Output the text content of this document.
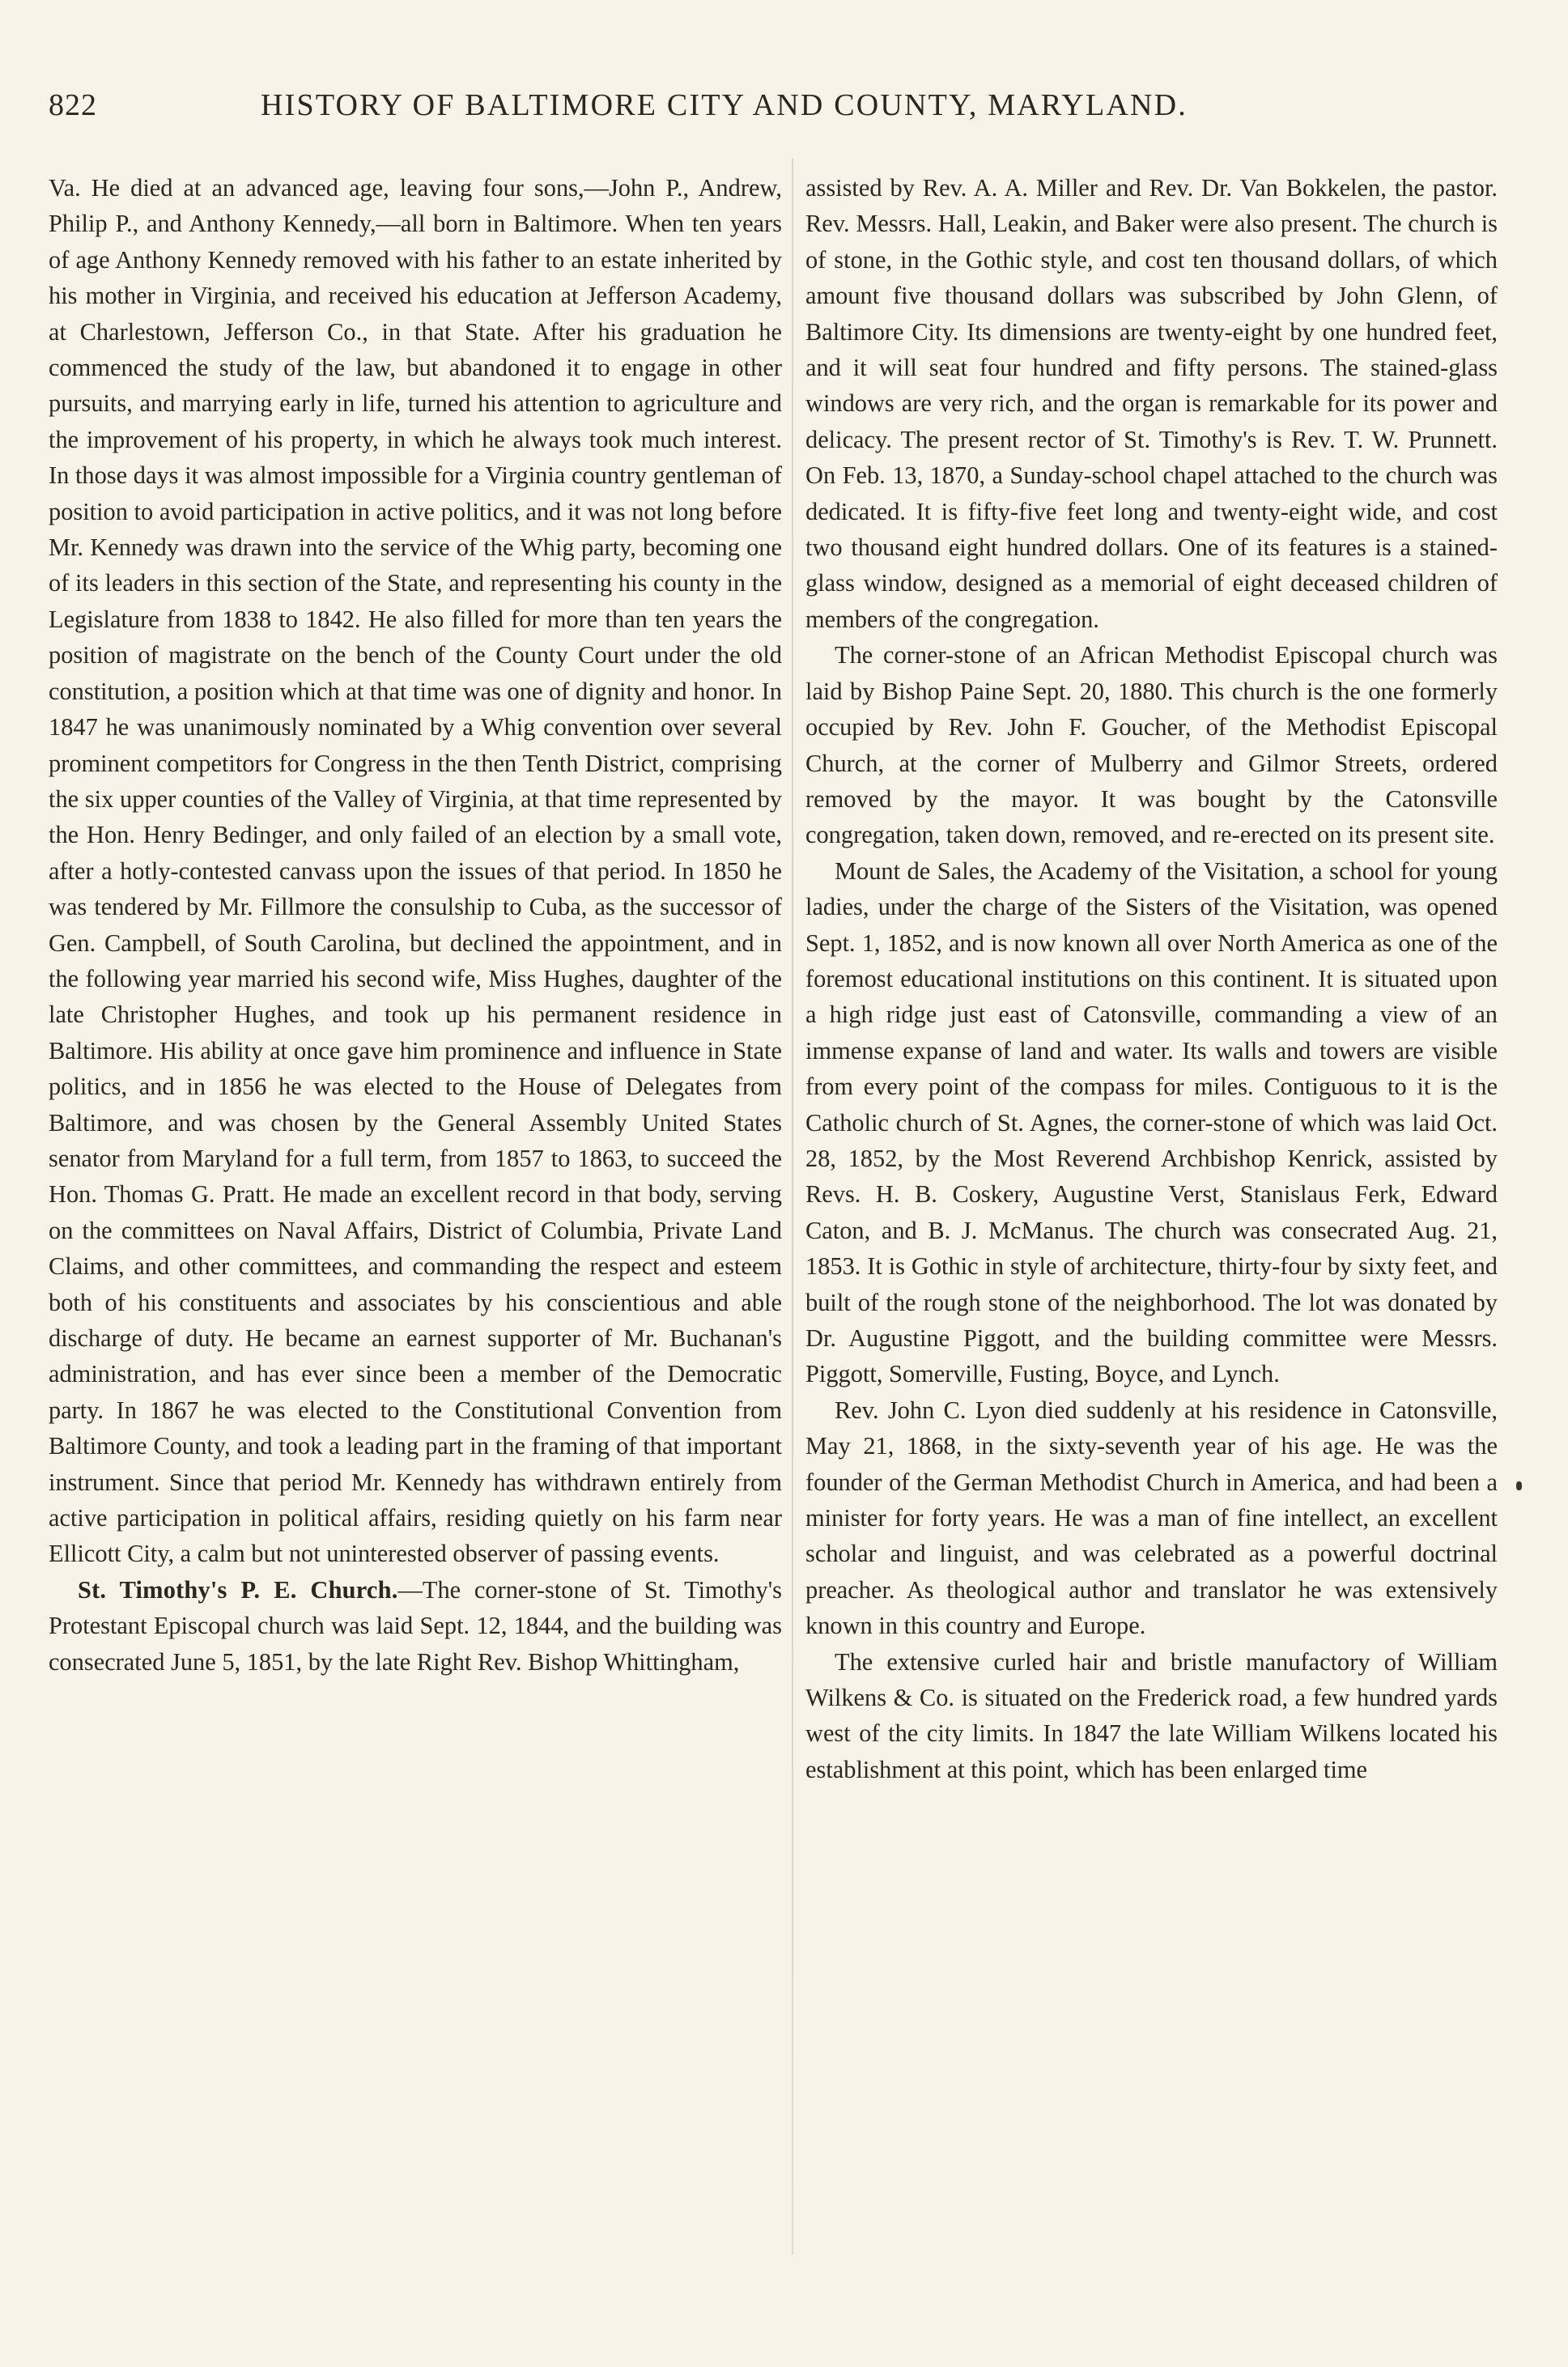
822	HISTORY OF BALTIMORE CITY AND COUNTY, MARYLAND.

Va. He died at an advanced age, leaving four sons,—John P., Andrew, Philip P., and Anthony Kennedy,—all born in Baltimore. When ten years of age Anthony Kennedy removed with his father to an estate inherited by his mother in Virginia, and received his education at Jefferson Academy, at Charlestown, Jefferson Co., in that State. After his graduation he commenced the study of the law, but abandoned it to engage in other pursuits, and marrying early in life, turned his attention to agriculture and the improvement of his property, in which he always took much interest. In those days it was almost impossible for a Virginia country gentleman of position to avoid participation in active politics, and it was not long before Mr. Kennedy was drawn into the service of the Whig party, becoming one of its leaders in this section of the State, and representing his county in the Legislature from 1838 to 1842. He also filled for more than ten years the position of magistrate on the bench of the County Court under the old constitution, a position which at that time was one of dignity and honor. In 1847 he was unanimously nominated by a Whig convention over several prominent competitors for Congress in the then Tenth District, comprising the six upper counties of the Valley of Virginia, at that time represented by the Hon. Henry Bedinger, and only failed of an election by a small vote, after a hotly-contested canvass upon the issues of that period. In 1850 he was tendered by Mr. Fillmore the consulship to Cuba, as the successor of Gen. Campbell, of South Carolina, but declined the appointment, and in the following year married his second wife, Miss Hughes, daughter of the late Christopher Hughes, and took up his permanent residence in Baltimore. His ability at once gave him prominence and influence in State politics, and in 1856 he was elected to the House of Delegates from Baltimore, and was chosen by the General Assembly United States senator from Maryland for a full term, from 1857 to 1863, to succeed the Hon. Thomas G. Pratt. He made an excellent record in that body, serving on the committees on Naval Affairs, District of Columbia, Private Land Claims, and other committees, and commanding the respect and esteem both of his constituents and associates by his conscientious and able discharge of duty. He became an earnest supporter of Mr. Buchanan's administration, and has ever since been a member of the Democratic party. In 1867 he was elected to the Constitutional Convention from Baltimore County, and took a leading part in the framing of that important instrument. Since that period Mr. Kennedy has withdrawn entirely from active participation in political affairs, residing quietly on his farm near Ellicott City, a calm but not uninterested observer of passing events.

St. Timothy's P. E. Church.—The corner-stone of St. Timothy's Protestant Episcopal church was laid Sept. 12, 1844, and the building was consecrated June 5, 1851, by the late Right Rev. Bishop Whittingham,

assisted by Rev. A. A. Miller and Rev. Dr. Van Bokkelen, the pastor. Rev. Messrs. Hall, Leakin, and Baker were also present. The church is of stone, in the Gothic style, and cost ten thousand dollars, of which amount five thousand dollars was subscribed by John Glenn, of Baltimore City. Its dimensions are twenty-eight by one hundred feet, and it will seat four hundred and fifty persons. The stained-glass windows are very rich, and the organ is remarkable for its power and delicacy. The present rector of St. Timothy's is Rev. T. W. Prunnett. On Feb. 13, 1870, a Sunday-school chapel attached to the church was dedicated. It is fifty-five feet long and twenty-eight wide, and cost two thousand eight hundred dollars. One of its features is a stained-glass window, designed as a memorial of eight deceased children of members of the congregation.

The corner-stone of an African Methodist Episcopal church was laid by Bishop Paine Sept. 20, 1880. This church is the one formerly occupied by Rev. John F. Goucher, of the Methodist Episcopal Church, at the corner of Mulberry and Gilmor Streets, ordered removed by the mayor. It was bought by the Catonsville congregation, taken down, removed, and re-erected on its present site.

Mount de Sales, the Academy of the Visitation, a school for young ladies, under the charge of the Sisters of the Visitation, was opened Sept. 1, 1852, and is now known all over North America as one of the foremost educational institutions on this continent. It is situated upon a high ridge just east of Catonsville, commanding a view of an immense expanse of land and water. Its walls and towers are visible from every point of the compass for miles. Contiguous to it is the Catholic church of St. Agnes, the corner-stone of which was laid Oct. 28, 1852, by the Most Reverend Archbishop Kenrick, assisted by Revs. H. B. Coskery, Augustine Verst, Stanislaus Ferk, Edward Caton, and B. J. McManus. The church was consecrated Aug. 21, 1853. It is Gothic in style of architecture, thirty-four by sixty feet, and built of the rough stone of the neighborhood. The lot was donated by Dr. Augustine Piggott, and the building committee were Messrs. Piggott, Somerville, Fusting, Boyce, and Lynch.

Rev. John C. Lyon died suddenly at his residence in Catonsville, May 21, 1868, in the sixty-seventh year of his age. He was the founder of the German Methodist Church in America, and had been a minister for forty years. He was a man of fine intellect, an excellent scholar and linguist, and was celebrated as a powerful doctrinal preacher. As theological author and translator he was extensively known in this country and Europe.

The extensive curled hair and bristle manufactory of William Wilkens & Co. is situated on the Frederick road, a few hundred yards west of the city limits. In 1847 the late William Wilkens located his establishment at this point, which has been enlarged time
